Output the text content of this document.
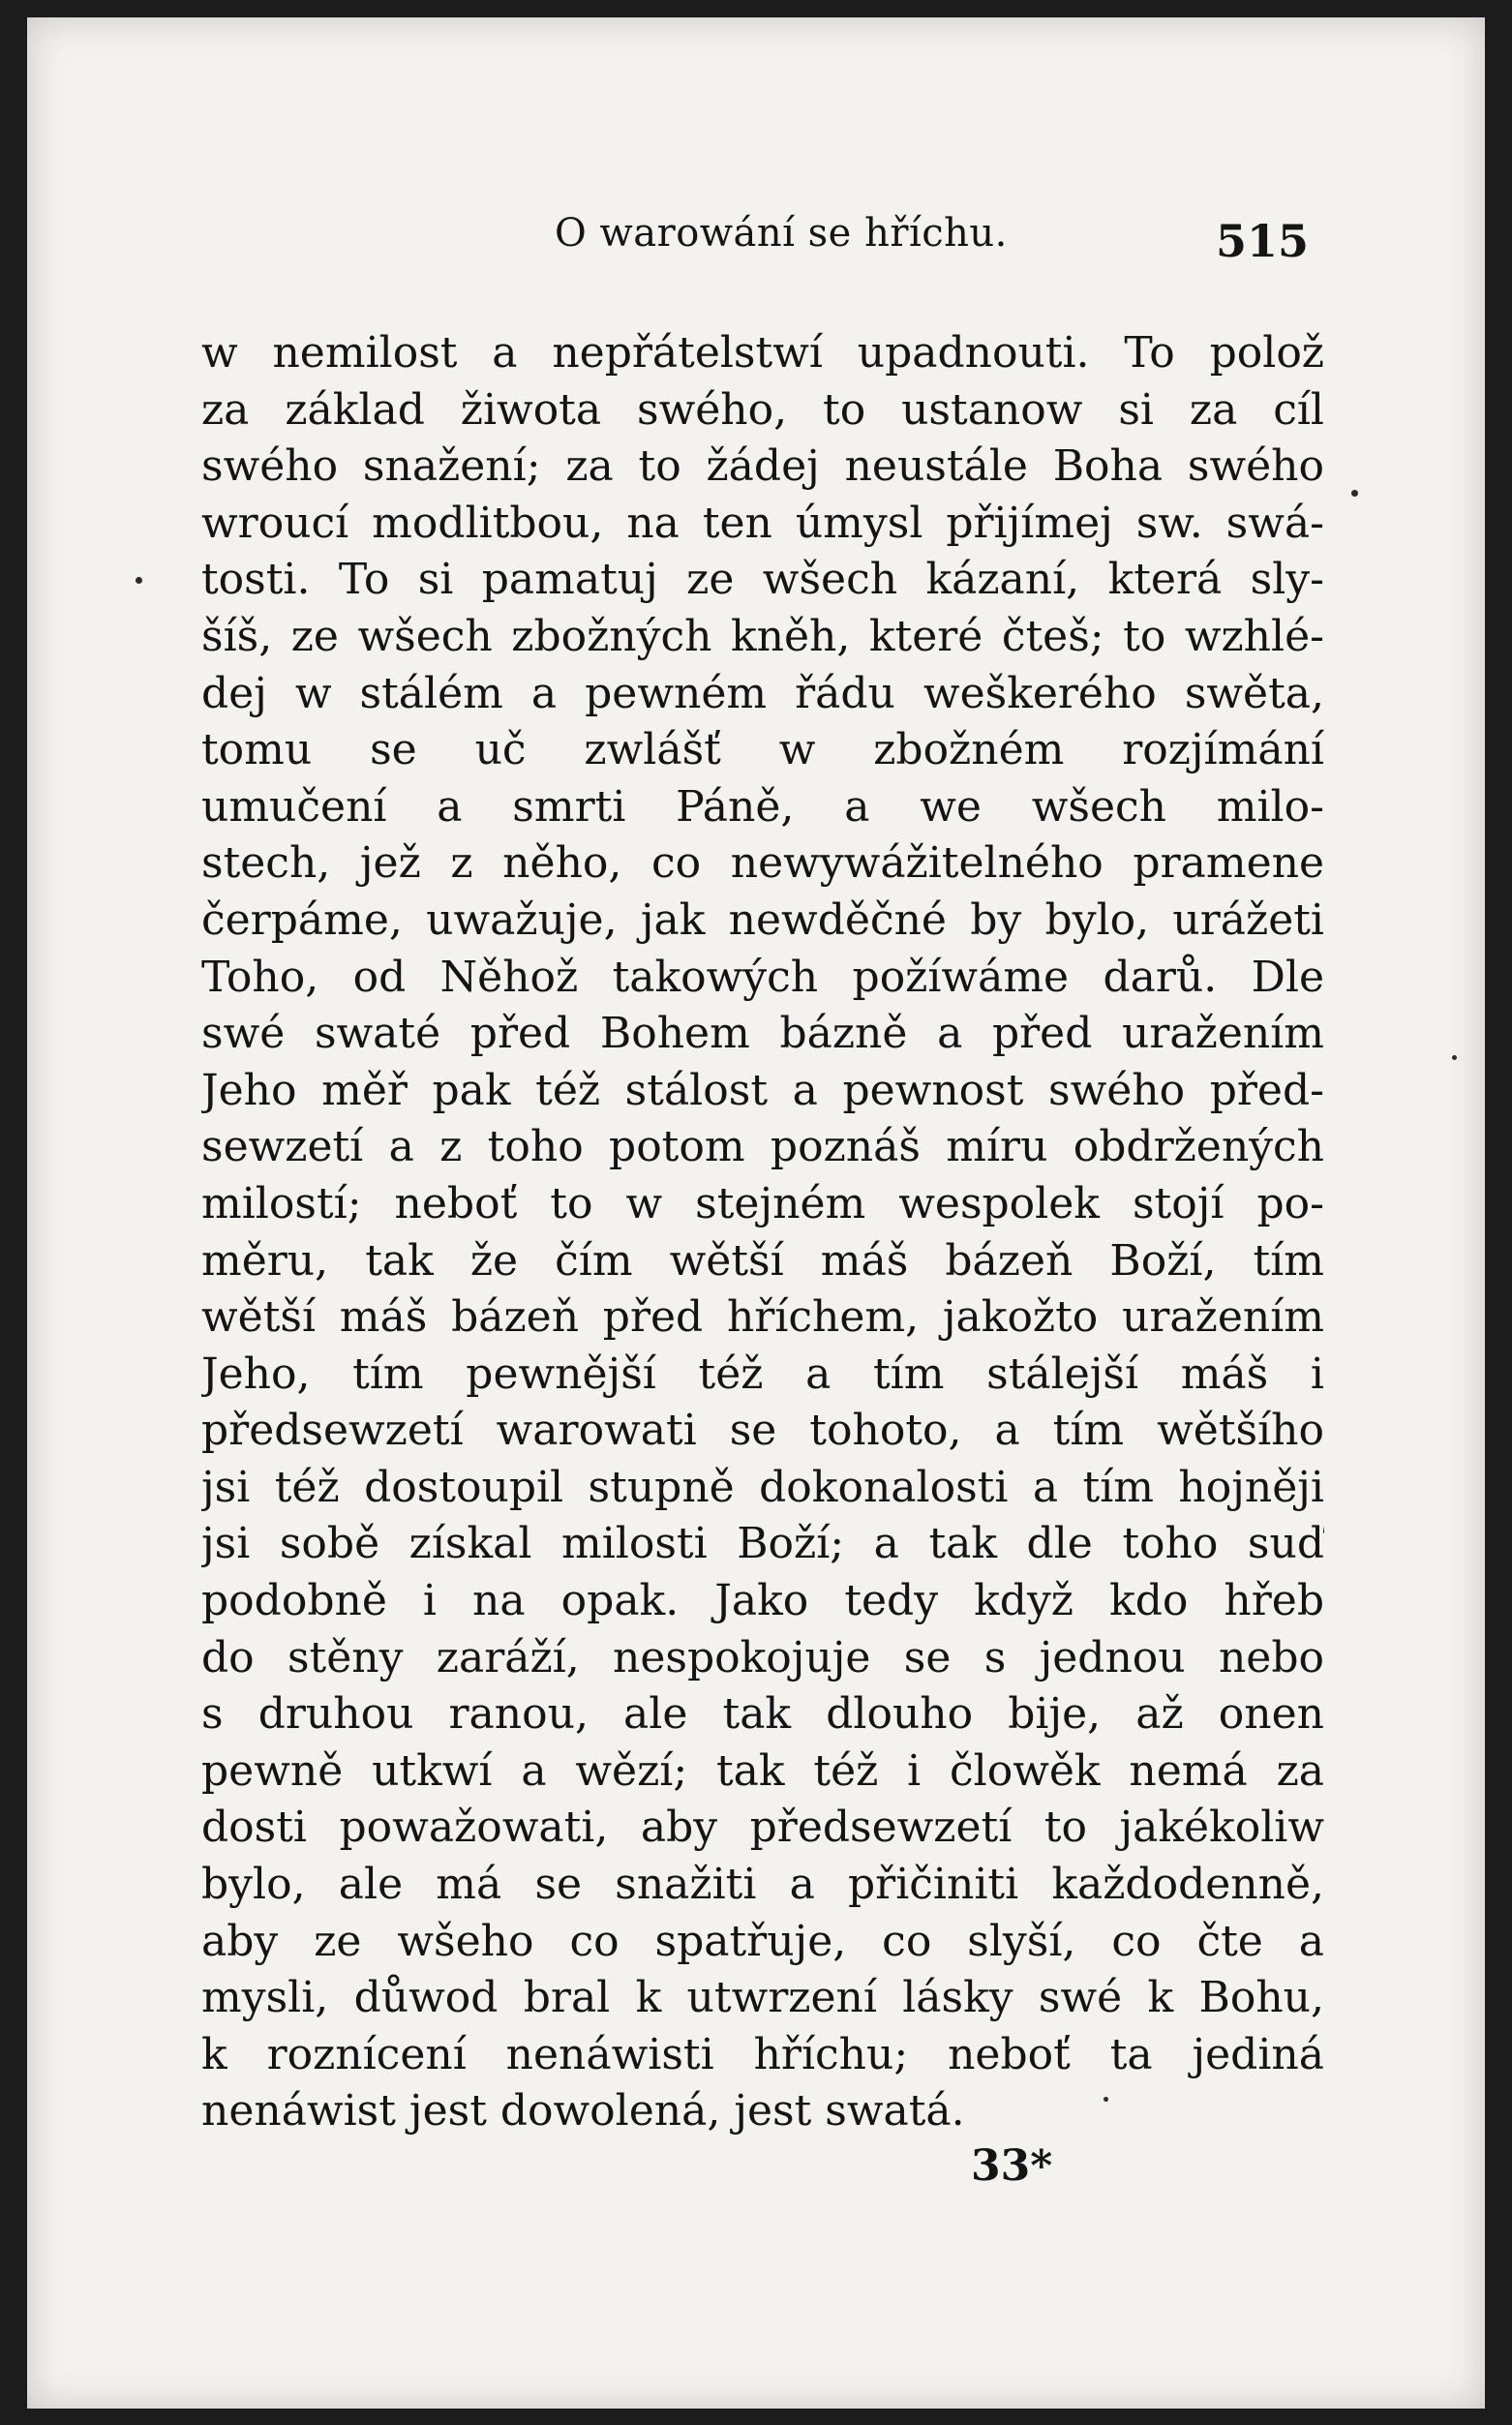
O warowání se hříchu.	515
w nemilost a nepřátelstwí upadnouti. To polož
za základ žiwota swého, to ustanow si za cíl
swého snažení; za to žádej neustále Boha swého
wroucí modlitbou, na ten úmysl přijímej sw. swá-
tosti. To si pamatuj ze wšech kázaní, která sly-
šíš, ze wšech zbožných kněh, které čteš; to wzhlé-
dej w stálém a pewném řádu weškerého swěta,
tomu se uč zwlášť w zbožném rozjímání
umučení a smrti Páně, a we wšech milo-
stech, jež z něho, co newywážitelného pramene
čerpáme, uwažuje, jak newděčné by bylo, urážeti
Toho, od Něhož takowých požíwáme darů. Dle
swé swaté před Bohem bázně a před uražením
Jeho měř pak též stálost a pewnost swého před-
sewzetí a z toho potom poznáš míru obdržených
milostí; neboť to w stejném wespolek stojí po-
měru, tak že čím wětší máš bázeň Boží, tím
wětší máš bázeň před hříchem, jakožto uražením
Jeho, tím pewnější též a tím stálejší máš i
předsewzetí warowati se tohoto, a tím wětšího
jsi též dostoupil stupně dokonalosti a tím hojněji
jsi sobě získal milosti Boží; a tak dle toho suď
podobně i na opak. Jako tedy když kdo hřeb
do stěny zaráží, nespokojuje se s jednou nebo
s druhou ranou, ale tak dlouho bije, až onen
pewně utkwí a wězí; tak též i člowěk nemá za
dosti powažowati, aby předsewzetí to jakékoliw
bylo, ale má se snažiti a přičiniti každodenně,
aby ze wšeho co spatřuje, co slyší, co čte a
mysli, důwod bral k utwrzení lásky swé k Bohu,
k roznícení nenáwisti hříchu; neboť ta jediná
nenáwist jest dowolená, jest swatá.
33*
